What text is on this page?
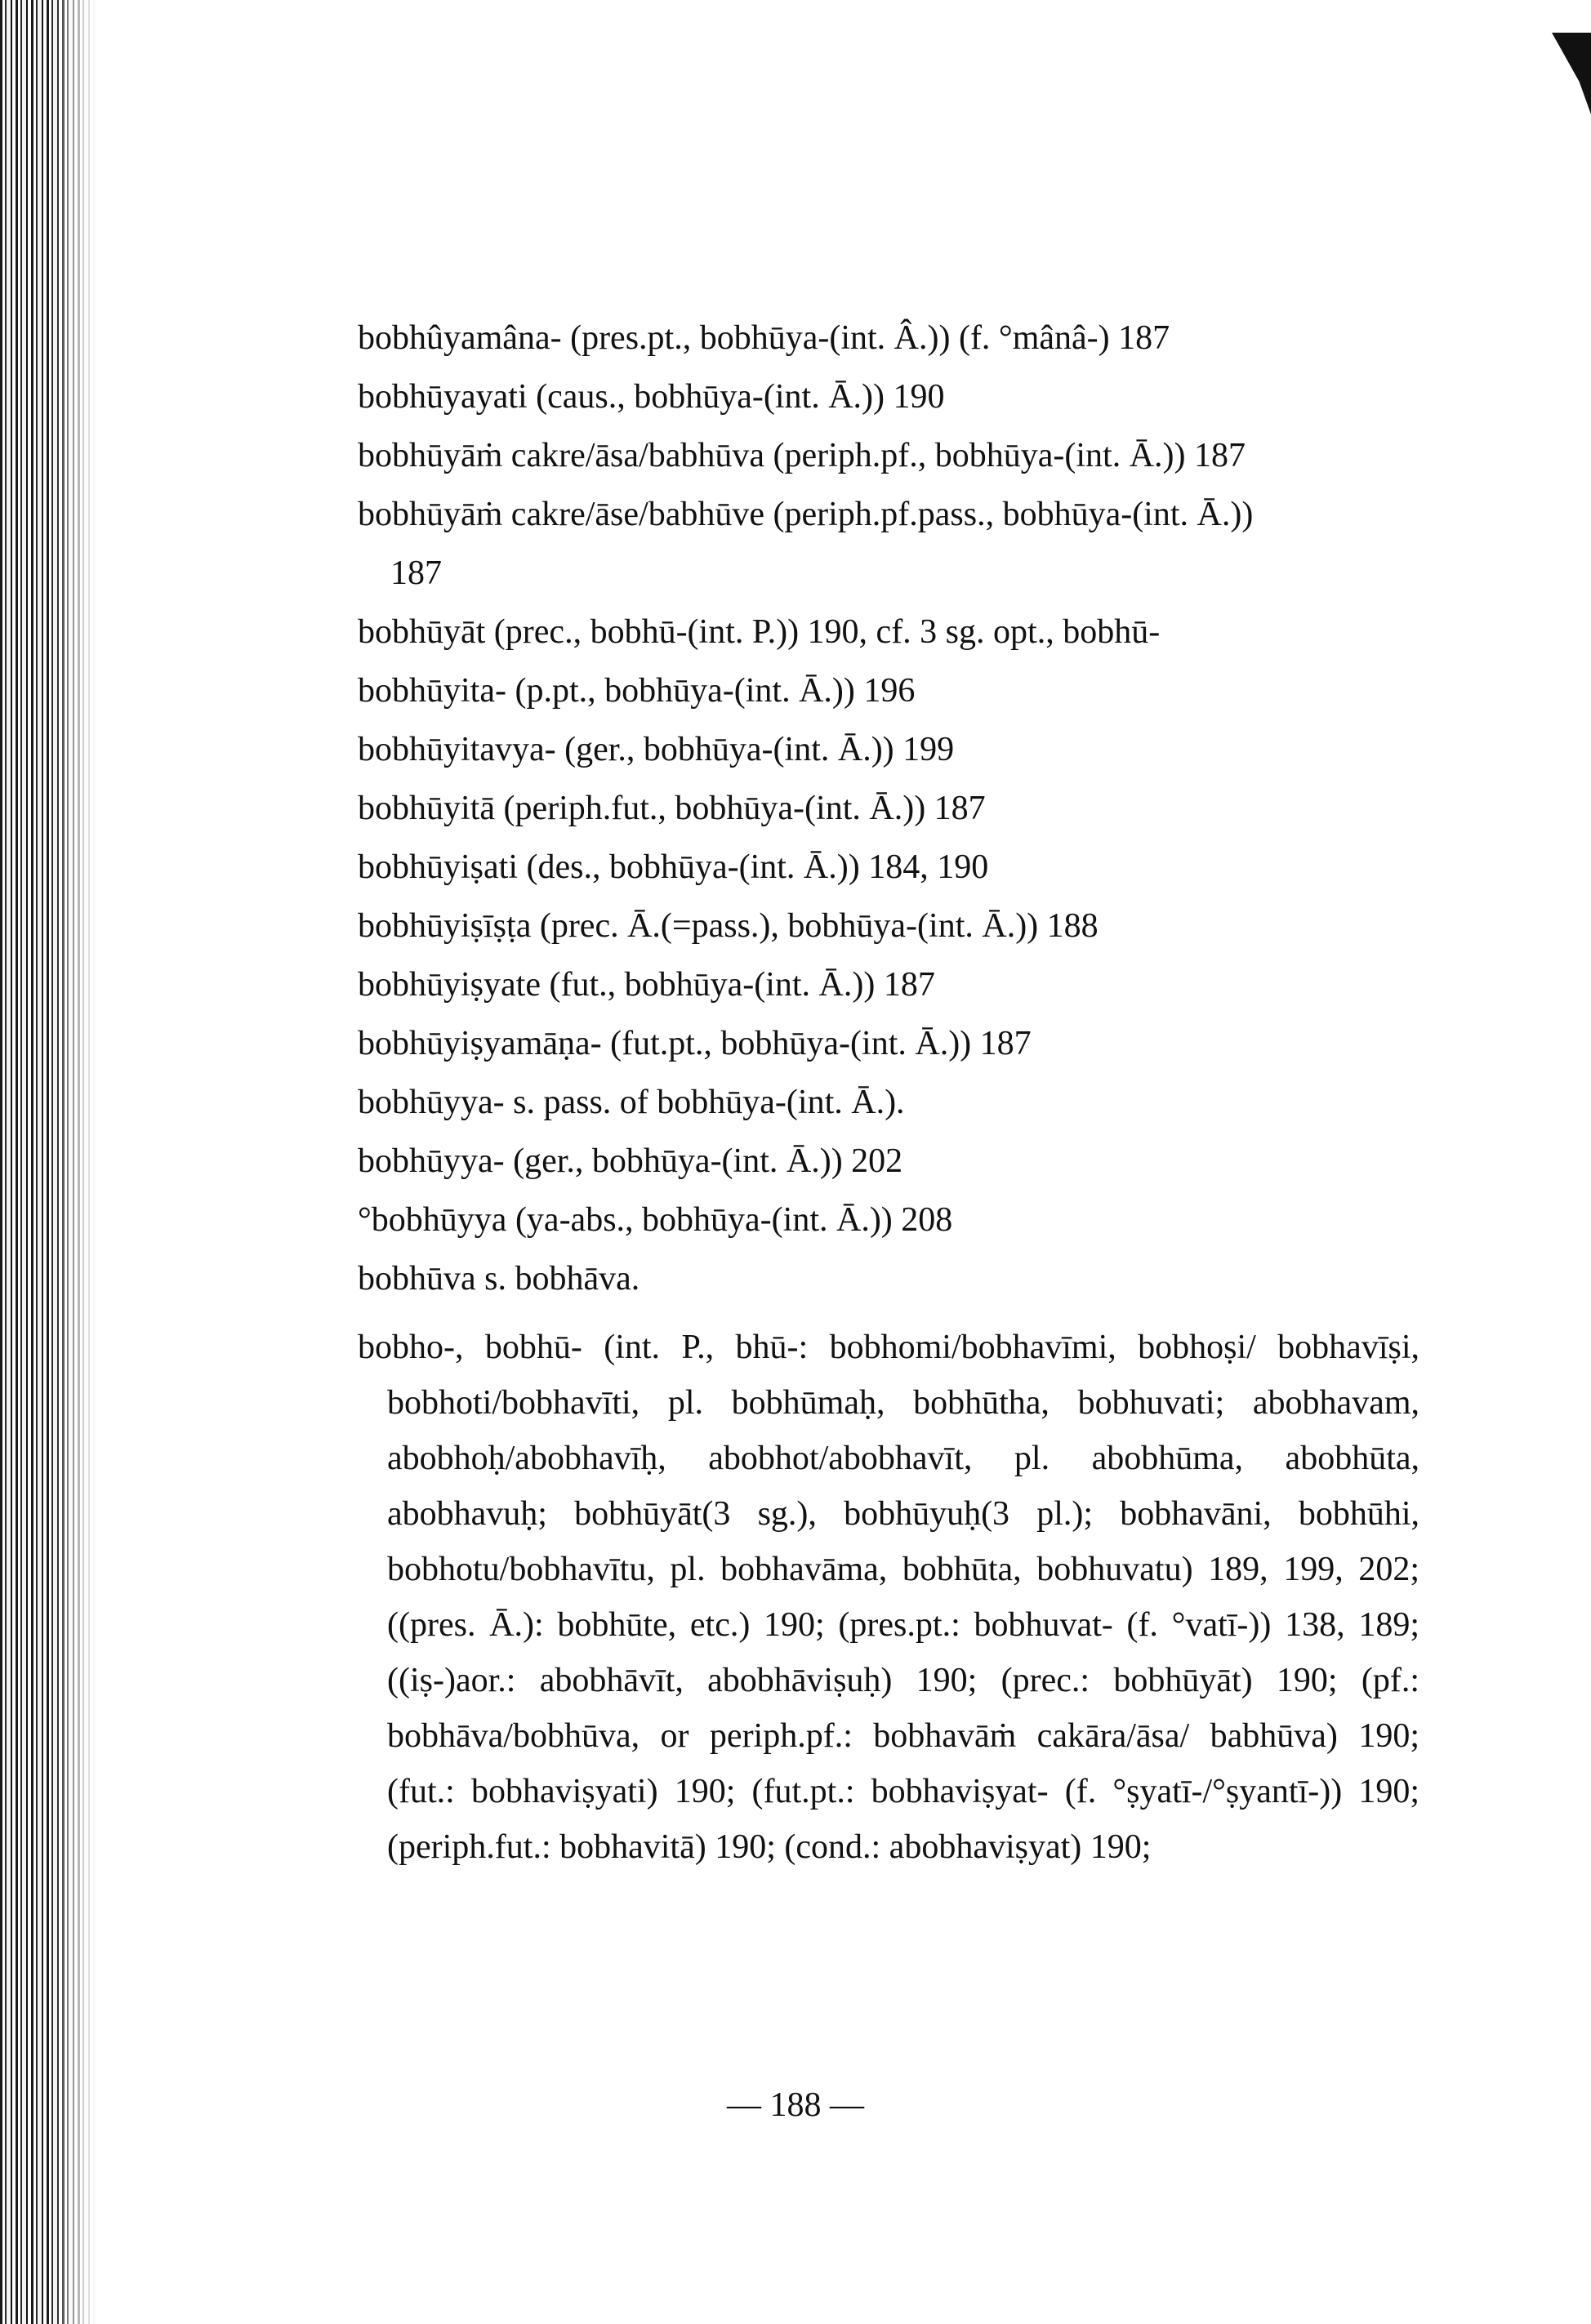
bobhûyamâna- (pres.pt., bobhūya-(int. Â.)) (f. °mânâ-) 187

bobhūyayati (caus., bobhūya-(int. Ā.)) 190

bobhūyāṁ cakre/āsa/babhūva (periph.pf., bobhūya-(int. Ā.)) 187

bobhūyāṁ cakre/āse/babhūve (periph.pf.pass., bobhūya-(int. Ā.))

187

bobhūyāt (prec., bobhū-(int. P.)) 190, cf. 3 sg. opt., bobhū-

bobhūyita- (p.pt., bobhūya-(int. Ā.)) 196

bobhūyitavya- (ger., bobhūya-(int. Ā.)) 199

bobhūyitā (periph.fut., bobhūya-(int. Ā.)) 187

bobhūyiṣati (des., bobhūya-(int. Ā.)) 184, 190

bobhūyiṣīṣṭa (prec. Ā.(=pass.), bobhūya-(int. Ā.)) 188

bobhūyiṣyate (fut., bobhūya-(int. Ā.)) 187

bobhūyiṣyamāṇa- (fut.pt., bobhūya-(int. Ā.)) 187

bobhūyya- s. pass. of bobhūya-(int. Ā.).

bobhūyya- (ger., bobhūya-(int. Ā.)) 202

°bobhūyya (ya-abs., bobhūya-(int. Ā.)) 208

bobhūva s. bobhāva.

bobho-, bobhū- (int. P., bhū-: bobhomi/bobhavīmi, bobhoṣi/ bobhavīṣi, bobhoti/bobhavīti, pl. bobhūmaḥ, bobhūtha, bobhuvati; abobhavam, abobhoḥ/abobhavīḥ, abobhot/abobhavīt, pl. abobhūma, abobhūta, abobhavuḥ; bobhūyāt(3 sg.), bobhūyuḥ(3 pl.); bobhavāni, bobhūhi, bobhotu/bobhavītu, pl. bobhavāma, bobhūta, bobhuvatu) 189, 199, 202; ((pres. Ā.): bobhūte, etc.) 190; (pres.pt.: bobhuvat- (f. °vatī-)) 138, 189; ((iṣ-)aor.: abobhāvīt, abobhāviṣuḥ) 190; (prec.: bobhūyāt) 190; (pf.: bobhāva/bobhūva, or periph.pf.: bobhavāṁ cakāra/āsa/ babhūva) 190; (fut.: bobhaviṣyati) 190; (fut.pt.: bobhaviṣyat- (f. °ṣyatī-/°ṣyantī-)) 190; (periph.fut.: bobhavitā) 190; (cond.: abobhaviṣyat) 190;

— 188 —
